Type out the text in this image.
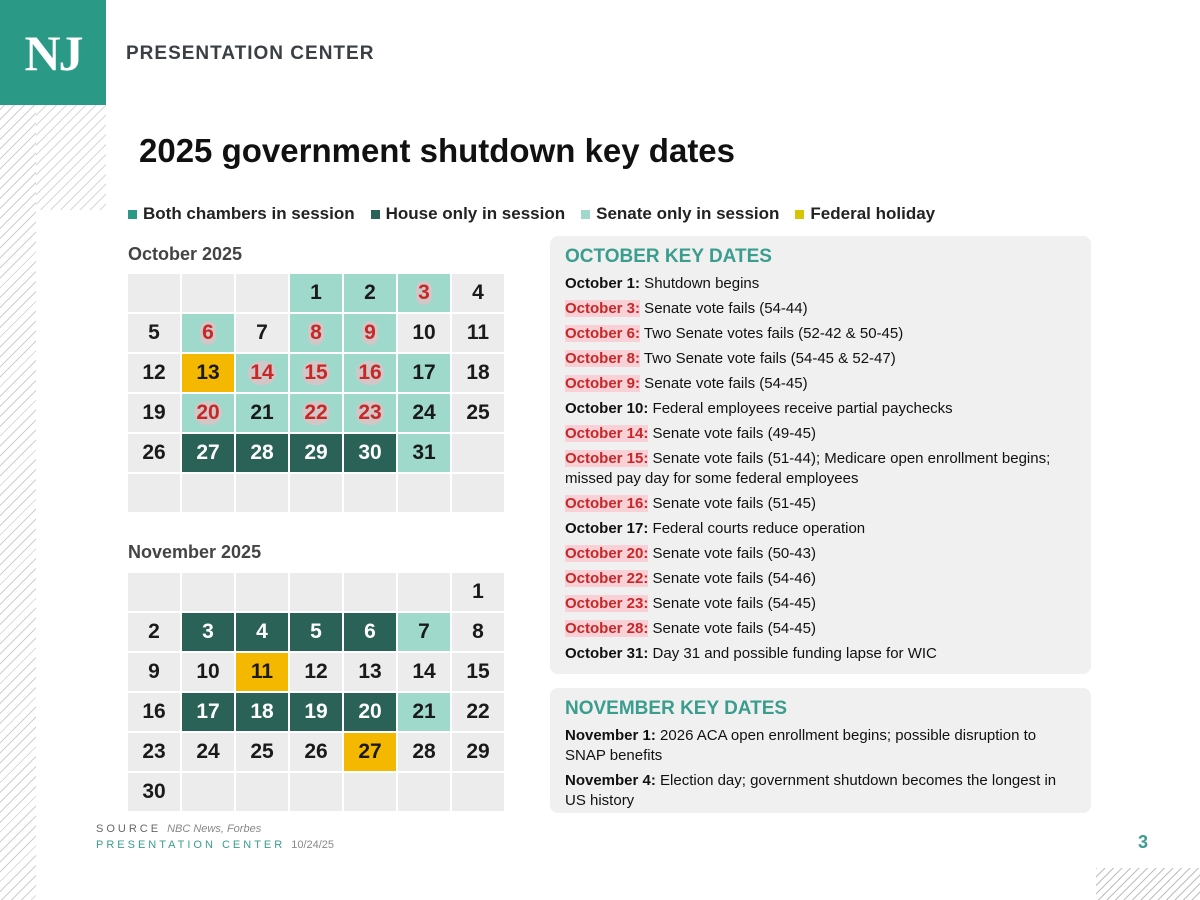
NJ	PRESENTATION CENTER
2025 government shutdown key dates
Both chambers in session House only in session Senate only in session Federal holiday
October 2025
1 2 3 4
5 6 7 8 9 10 11
12 13 14 15 16 17 18
19 20 21 22 23 24 25
26 27 28 29 30 31
November 2025
1
2 3 4 5 6 7 8
9 10 11 12 13 14 15
16 17 18 19 20 21 22
23 24 25 26 27 28 29
30
OCTOBER KEY DATES
October 1: Shutdown begins
October 3: Senate vote fails (54-44)
October 6: Two Senate votes fails (52-42 & 50-45)
October 8: Two Senate vote fails (54-45 & 52-47)
October 9: Senate vote fails (54-45)
October 10: Federal employees receive partial paychecks
October 14: Senate vote fails (49-45)
October 15: Senate vote fails (51-44); Medicare open enrollment begins; missed pay day for some federal employees
October 16: Senate vote fails (51-45)
October 17: Federal courts reduce operation
October 20: Senate vote fails (50-43)
October 22: Senate vote fails (54-46)
October 23: Senate vote fails (54-45)
October 28: Senate vote fails (54-45)
October 31: Day 31 and possible funding lapse for WIC
NOVEMBER KEY DATES
November 1: 2026 ACA open enrollment begins; possible disruption to SNAP benefits
November 4: Election day; government shutdown becomes the longest in US history
SOURCE NBC News, Forbes
PRESENTATION CENTER 10/24/25	3
